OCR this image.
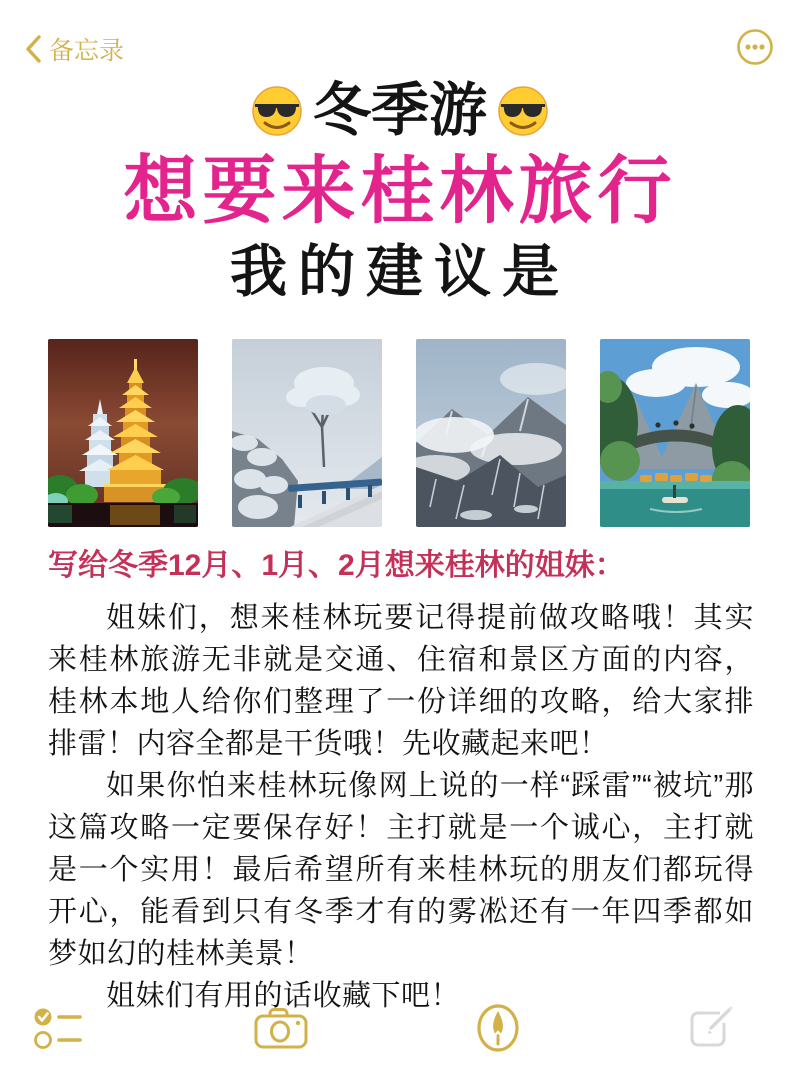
备忘录
冬季游
想要来桂林旅行
我的建议是
写给冬季12月、1月、2月想来桂林的姐妹：

姐妹们，想来桂林玩要记得提前做攻略哦！其实来桂林旅游无非就是交通、住宿和景区方面的内容，桂林本地人给你们整理了一份详细的攻略，给大家排排雷！内容全都是干货哦！先收藏起来吧！

如果你怕来桂林玩像网上说的一样“踩雷”“被坑”那这篇攻略一定要保存好！主打就是一个诚心，主打就是一个实用！最后希望所有来桂林玩的朋友们都玩得开心，能看到只有冬季才有的雾凇还有一年四季都如梦如幻的桂林美景！

姐妹们有用的话收藏下吧！
